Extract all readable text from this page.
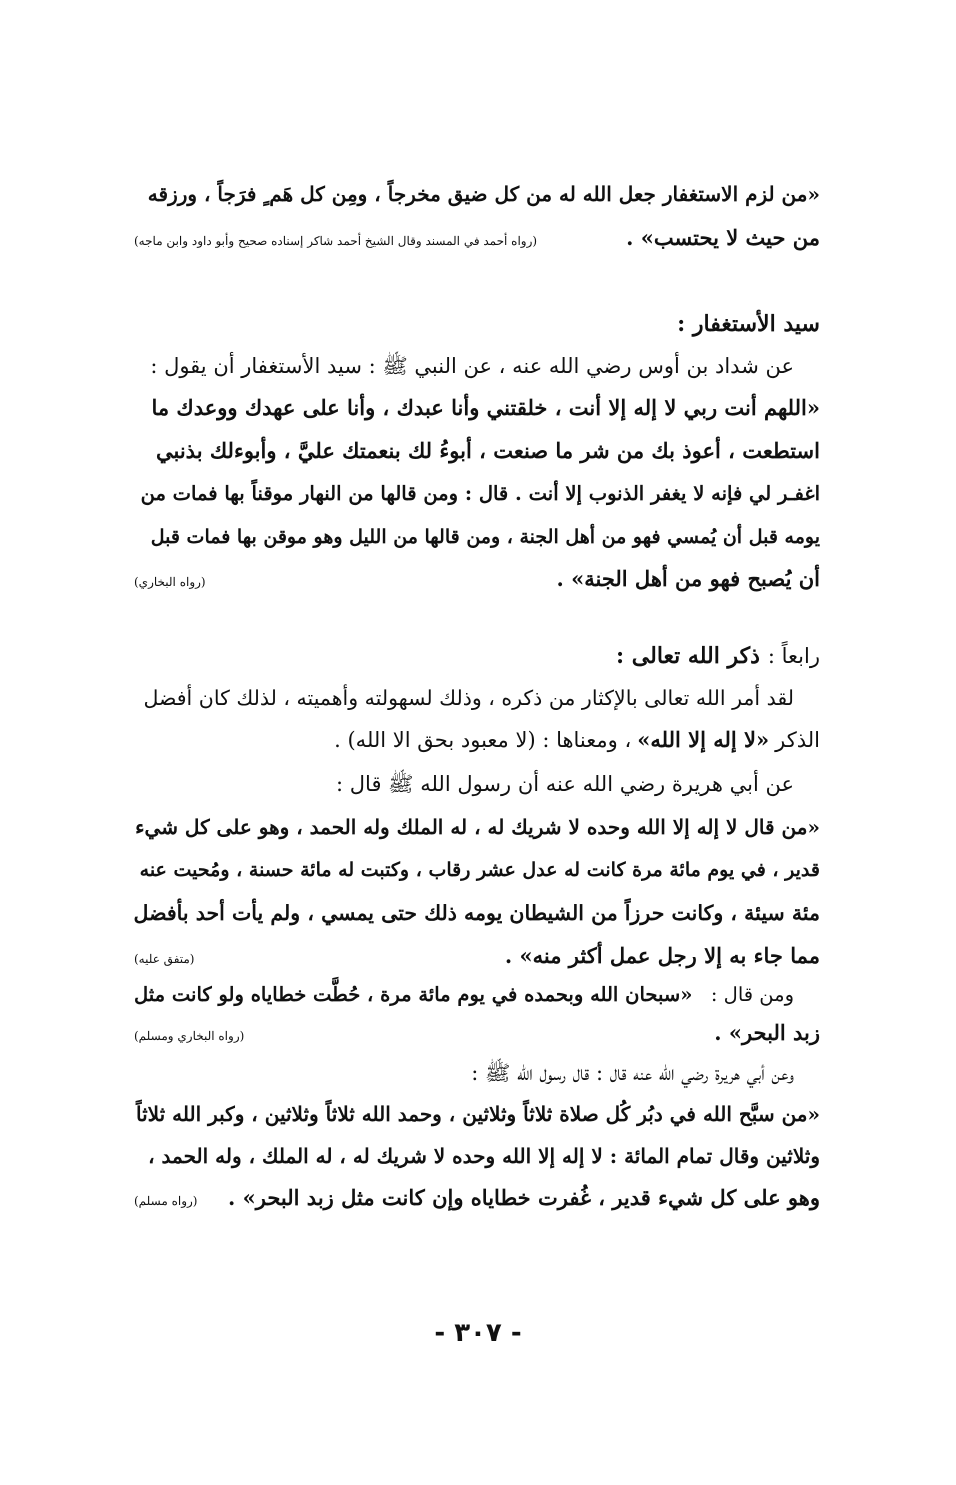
«من لزم الاستغفار جعل الله له من كل ضيق مخرجاً ، ومِن كل هَم ٍ فرَجاً ، ورزقه
من حيث لا يحتسب» .
(رواه أحمد في المسند وقال الشيخ أحمد شاكر إسناده صحيح وأبو داود وابن ماجه)
سيد الأستغفار :
عن شداد بن أوس رضي الله عنه ، عن النبي ﷺ : سيد الأستغفار أن يقول :
«اللهم أنت ربي لا إله إلا أنت ، خلقتني وأنا عبدك ، وأنا على عهدك ووعدك ما
استطعت ، أعوذ بك من شر ما صنعت ، أبوءُ لك بنعمتك عليَّ ، وأبوءلك بذنبي
اغفـر لي فإنه لا يغفر الذنوب إلا أنت . قال : ومن قالها من النهار موقناً بها فمات من
يومه قبل أن يُمسي فهو من أهل الجنة ، ومن قالها من الليل وهو موقن بها فمات قبل
أن يُصبح فهو من أهل الجنة» .
(رواه البخاري)
رابعاً :
ذكر الله تعالى :
لقد أمر الله تعالى بالإكثار من ذكره ، وذلك لسهولته وأهميته ، لذلك كان أفضل
الذكر
«لا إله إلا الله»
، ومعناها : (لا معبود بحق الا الله) .
عن أبي هريرة رضي الله عنه أن رسول الله ﷺ قال :
«من قال لا إله إلا الله وحده لا شريك له ، له الملك وله الحمد ، وهو على كل شيء
قدير ، في يوم مائة مرة كانت له عدل عشر رقاب ، وكتبت له مائة حسنة ، ومُحيت عنه
مئة سيئة ، وكانت حرزاً من الشيطان يومه ذلك حتى يمسي ، ولم يأت أحد بأفضل
مما جاء به إلا رجل عمل أكثر منه» .
(متفق عليه)
ومن قال :
«سبحان الله وبحمده في يوم مائة مرة ، حُطَّت خطاياه ولو كانت مثل
زبد البحر» .
(رواه البخاري ومسلم)
وعن أبي هريرة رضي الله عنه قال : قال رسول الله ﷺ :
«من سبَّح الله في دبُر كُل صلاة ثلاثاً وثلاثين ، وحمد الله ثلاثاً وثلاثين ، وكبر الله ثلاثاً
وثلاثين وقال تمام المائة : لا إله إلا الله وحده لا شريك له ، له الملك ، وله الحمد ،
وهو على كل شيء قدير ، غُفرت خطاياه وإن كانت مثل زبد البحر» .
(رواه مسلم)
- ٣٠٧ -
